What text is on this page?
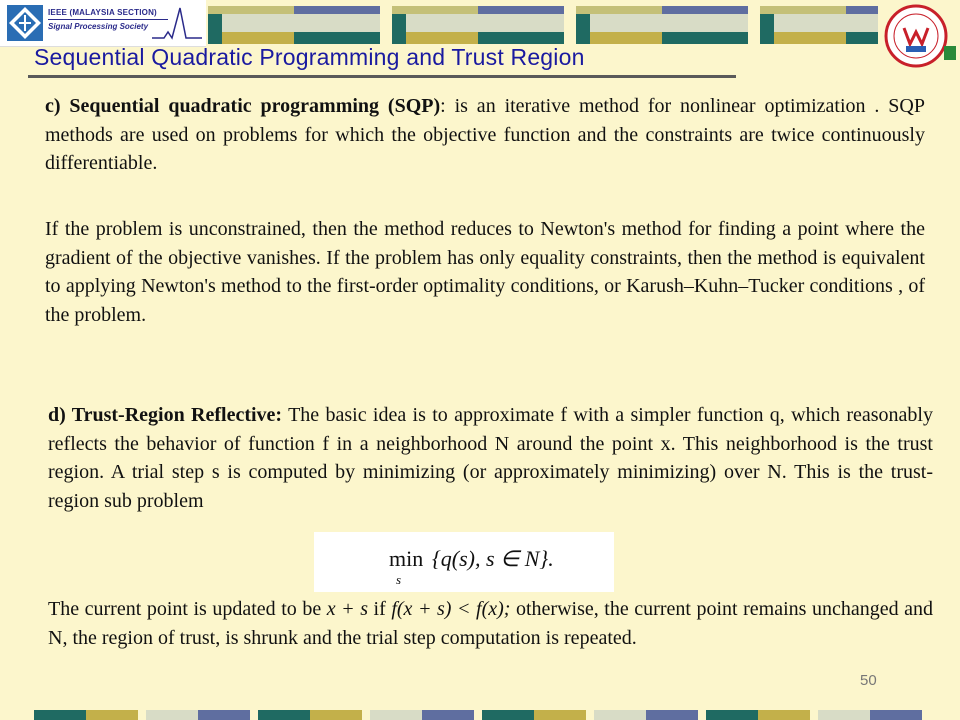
IEEE (MALAYSIA SECTION)
Signal Processing Society
Sequential Quadratic Programming and Trust Region
c) Sequential quadratic programming (SQP): is an iterative method for nonlinear optimization . SQP methods are used on problems for which the objective function and the constraints are twice continuously differentiable.
If the problem is unconstrained, then the method reduces to Newton's method for finding a point where the gradient of the objective vanishes. If the problem has only equality constraints, then the method is equivalent to applying Newton's method to the first-order optimality conditions, or Karush–Kuhn–Tucker conditions , of the problem.
d) Trust-Region Reflective: The basic idea is to approximate f with a simpler function q, which reasonably reflects the behavior of function f in a neighborhood N around the point x. This neighborhood is the trust region. A trial step s is computed by minimizing (or approximately minimizing) over N. This is the trust-region sub problem
min
s
{q(s), s ∈ N}.
The current point is updated to be x + s if f(x + s) < f(x); otherwise, the current point remains unchanged and N, the region of trust, is shrunk and the trial step computation is repeated.
50
